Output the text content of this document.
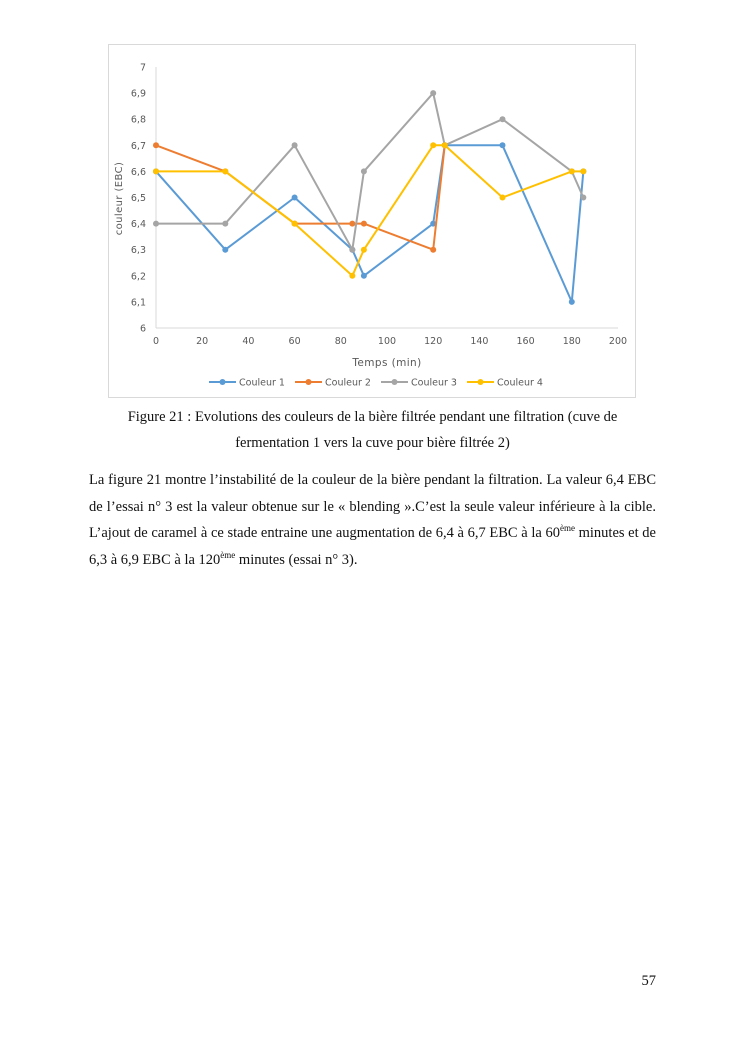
6
6,1
6,2
6,3
6,4
6,5
6,6
6,7
6,8
6,9
7
0	20	40	60	80	100	120	140	160	180	200
Temps (min)
couleur (EBC)
Couleur 1	Couleur 2	Couleur 3	Couleur 4
Figure 21 : Evolutions des couleurs de la bière filtrée pendant une filtration (cuve de
fermentation 1 vers la cuve pour bière filtrée 2)
La figure 21 montre l’instabilité de la couleur de la bière pendant la filtration. La valeur 6,4 EBC de l’essai n° 3 est la valeur obtenue sur le « blending ».C’est la seule valeur inférieure à la cible. L’ajout de caramel à ce stade entraine une augmentation de 6,4 à 6,7 EBC à la 60ème minutes et de 6,3 à 6,9 EBC à la 120ème minutes (essai n° 3).
57
